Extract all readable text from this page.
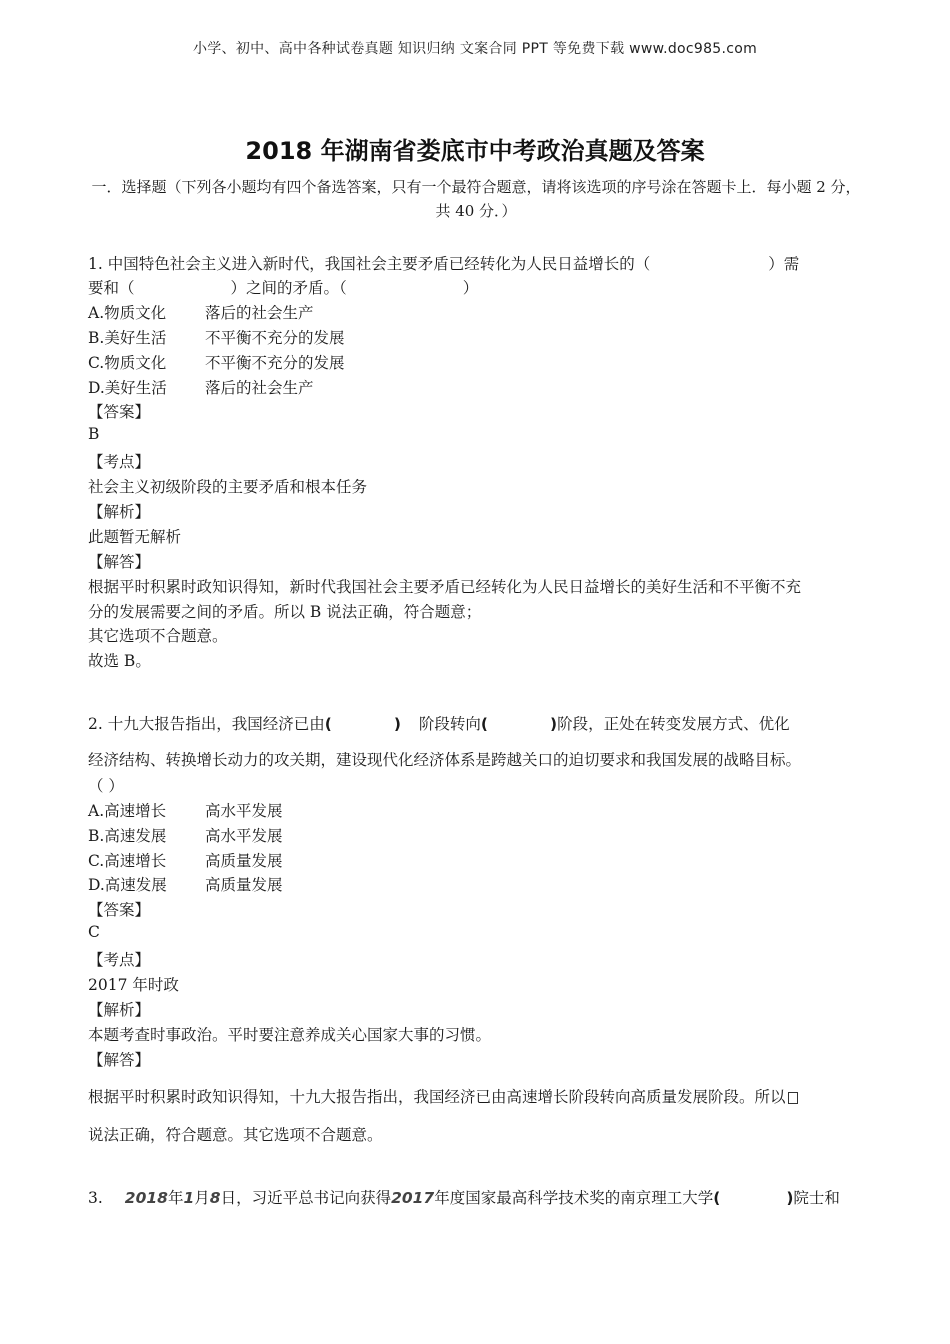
小学、初中、高中各种试卷真题 知识归纳 文案合同 PPT 等免费下载 www.doc985.com
2018 年湖南省娄底市中考政治真题及答案
一．选择题（下列各小题均有四个备选答案，只有一个最符合题意，请将该选项的序号涂在答题卡上．每小题 2 分，共 40 分．）
1. 中国特色社会主义进入新时代，我国社会主要矛盾已经转化为人民日益增长的（	）需
要和（	）之间的矛盾。（	）
A.物质文化	落后的社会生产
B.美好生活 不平衡不充分的发展
C.物质文化	不平衡不充分的发展
D.美好生活 落后的社会生产
【答案】
B
【考点】
社会主义初级阶段的主要矛盾和根本任务
【解析】
此题暂无解析
【解答】
根据平时积累时政知识得知，新时代我国社会主要矛盾已经转化为人民日益增长的美好生活和不平衡不充
分的发展需要之间的矛盾。所以 B 说法正确，符合题意；
其它选项不合题意。
故选 B。
2. 十九大报告指出，我国经济已由(	) 阶段转向(	)阶段，正处在转变发展方式、优化
经济结构、转换增长动力的攻关期，建设现代化经济体系是跨越关口的迫切要求和我国发展的战略目标。
（ ）
A.高速增长	高水平发展
B.高速发展 高水平发展
C.高速增长	高质量发展
D.高速发展 高质量发展
【答案】
C
【考点】
2017 年时政
【解析】
本题考查时事政治。平时要注意养成关心国家大事的习惯。
【解答】
根据平时积累时政知识得知，十九大报告指出，我国经济已由高速增长阶段转向高质量发展阶段。所以
说法正确，符合题意。其它选项不合题意。
3. 2018年1月8日，习近平总书记向获得2017年度国家最高科学技术奖的南京理工大学(	)院士和
